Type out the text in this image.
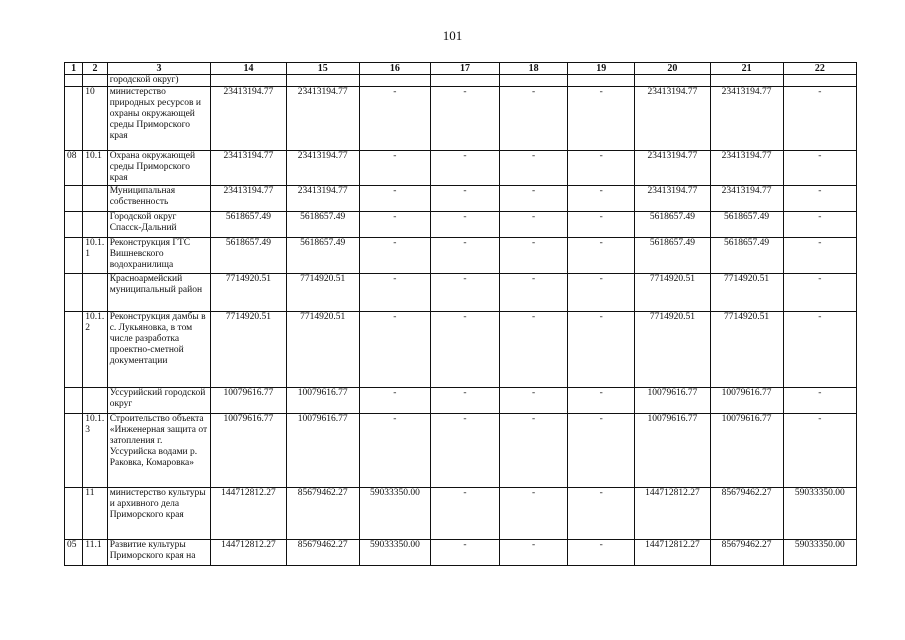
101
1	2	3	14	15	16	17	18	19	20	21	22
		городской округ)									
	10	министерство природных ресурсов и охраны окружающей среды Приморского края	23413194.77	23413194.77	-	-	-	-	23413194.77	23413194.77	-
08	10.1	Охрана окружающей среды Приморского края	23413194.77	23413194.77	-	-	-	-	23413194.77	23413194.77	-
		Муниципальная собственность	23413194.77	23413194.77	-	-	-	-	23413194.77	23413194.77	-
		Городской округ Спасск-Дальний	5618657.49	5618657.49	-	-	-	-	5618657.49	5618657.49	-
	10.1.1	Реконструкция ГТС Вишневского водохранилища	5618657.49	5618657.49	-	-	-	-	5618657.49	5618657.49	-
		Красноармейский муниципальный район	7714920.51	7714920.51	-	-	-	-	7714920.51	7714920.51	-
	10.1.2	Реконструкция дамбы в с. Лукьяновка, в том числе разработка проектно-сметной документации	7714920.51	7714920.51	-	-	-	-	7714920.51	7714920.51	-
		Уссурийский городской округ	10079616.77	10079616.77	-	-	-	-	10079616.77	10079616.77	-
	10.1.3	Строительство объекта «Инженерная защита от затопления г. Уссурийска водами р. Раковка, Комаровка»	10079616.77	10079616.77	-	-	-	-	10079616.77	10079616.77	-
	11	министерство культуры и архивного дела Приморского края	144712812.27	85679462.27	59033350.00	-	-	-	144712812.27	85679462.27	59033350.00
05	11.1	Развитие культуры Приморского края на	144712812.27	85679462.27	59033350.00	-	-	-	144712812.27	85679462.27	59033350.00
